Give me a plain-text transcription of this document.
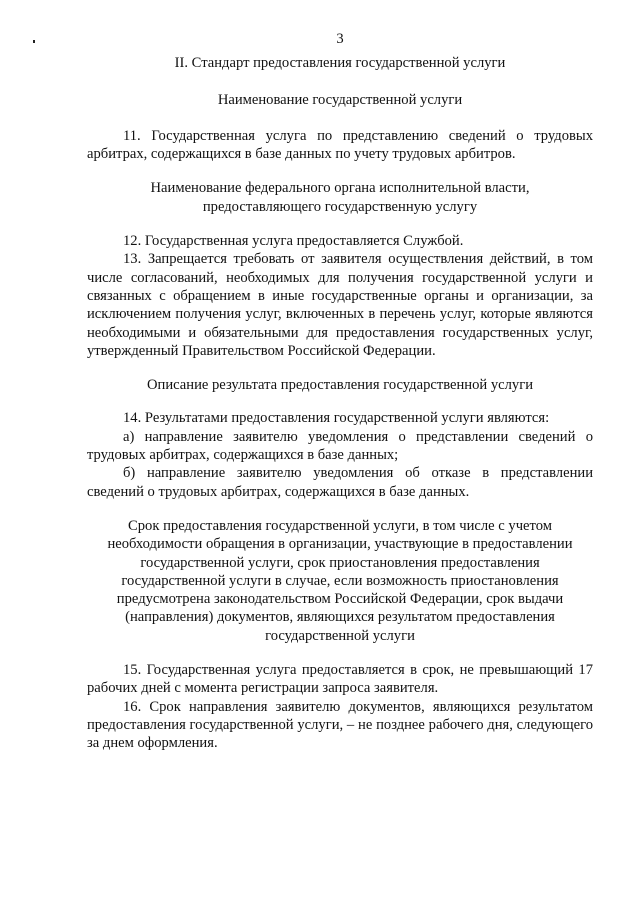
3

II. Стандарт предоставления государственной услуги

Наименование государственной услуги

11. Государственная услуга по представлению сведений о трудовых арбитрах, содержащихся в базе данных по учету трудовых арбитров.

Наименование федерального органа исполнительной власти,

предоставляющего государственную услугу

12. Государственная услуга предоставляется Службой.

13. Запрещается требовать от заявителя осуществления действий, в том числе согласований, необходимых для получения государственной услуги и связанных с обращением в иные государственные органы и организации, за исключением получения услуг, включенных в перечень услуг, которые являются необходимыми и обязательными для предоставления государственных услуг, утвержденный Правительством Российской Федерации.

Описание результата предоставления государственной услуги

14. Результатами предоставления государственной услуги являются:

а) направление заявителю уведомления о представлении сведений о трудовых арбитрах, содержащихся в базе данных;

б) направление заявителю уведомления об отказе в представлении сведений о трудовых арбитрах, содержащихся в базе данных.

Срок предоставления государственной услуги, в том числе с учетом

необходимости обращения в организации, участвующие в предоставлении

государственной услуги, срок приостановления предоставления

государственной услуги в случае, если возможность приостановления

предусмотрена законодательством Российской Федерации, срок выдачи

(направления) документов, являющихся результатом предоставления

государственной услуги

15. Государственная услуга предоставляется в срок, не превышающий 17 рабочих дней с момента регистрации запроса заявителя.

16. Срок направления заявителю документов, являющихся результатом предоставления государственной услуги, – не позднее рабочего дня, следующего за днем оформления.
